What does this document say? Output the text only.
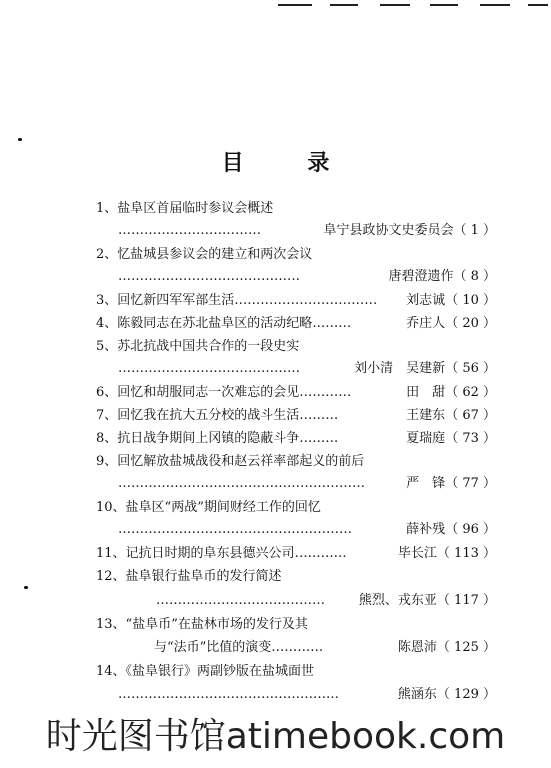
目 录
1、盐阜区首届临时参议会概述
……………………………	阜宁县政协文史委员会（ 1 ）
2、忆盐城县参议会的建立和两次会议
……………………………………	唐碧澄遗作（ 8 ）
3、回忆新四军军部生活…………………………… 刘志诚（ 10 ）
4、陈毅同志在苏北盐阜区的活动纪略………	乔庄人（ 20 ）
5、苏北抗战中国共合作的一段史实
……………………………………	刘小清　吴建新（ 56 ）
6、回忆和胡服同志一次难忘的会见…………	田　甜（ 62 ）
7、回忆我在抗大五分校的战斗生活………	王建东（ 67 ）
8、抗日战争期间上冈镇的隐蔽斗争………	夏瑞庭（ 73 ）
9、回忆解放盐城战役和赵云祥率部起义的前后
…………………………………………………	严　锋（ 77 ）
10、盐阜区“两战”期间财经工作的回忆
………………………………………………	薛补残（ 96 ）
11、记抗日时期的阜东县德兴公司…………	毕长江（ 113 ）
12、盐阜银行盐阜币的发行简述
…………………………………	熊烈、戎东亚（ 117 ）
13、“盐阜币”在盐林市场的发行及其
与“法币”比值的演变…………	陈恩沛（ 125 ）
14、《盐阜银行》两副钞版在盐城面世
……………………………………………	熊涵东（ 129 ）
时光图书馆atimebook.com
